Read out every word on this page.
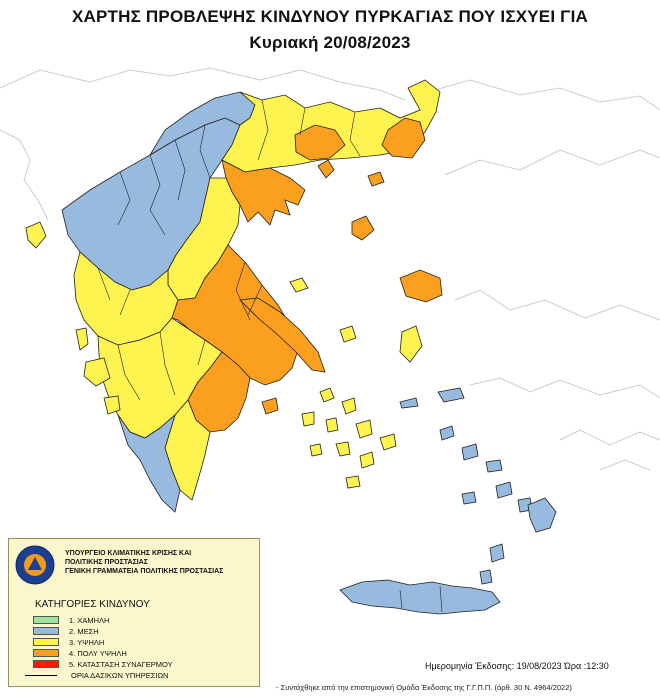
ΧΑΡΤΗΣ ΠΡΟΒΛΕΨΗΣ ΚΙΝΔΥΝΟΥ ΠΥΡΚΑΓΙΑΣ ΠΟΥ ΙΣΧΥΕΙ ΓΙΑ
Κυριακή 20/08/2023
ΥΠΟΥΡΓΕΙΟ ΚΛΙΜΑΤΙΚΗΣ ΚΡΙΣΗΣ ΚΑΙ
ΠΟΛΙΤΙΚΗΣ ΠΡΟΣΤΑΣΙΑΣ
ΓΕΝΙΚΗ ΓΡΑΜΜΑΤΕΙΑ ΠΟΛΙΤΙΚΗΣ ΠΡΟΣΤΑΣΙΑΣ
ΚΑΤΗΓΟΡΙΕΣ ΚΙΝΔΥΝΟΥ
1. ΧΑΜΗΛΗ
2. ΜΕΣΗ
3. ΥΨΗΛΗ
4. ΠΟΛΥ ΥΨΗΛΗ
5. ΚΑΤΑΣΤΑΣΗ ΣΥΝΑΓΕΡΜΟΥ
ΟΡΙΑ ΔΑΣΙΚΩΝ ΥΠΗΡΕΣΙΩΝ
Ημερομηνία Έκδοσης: 19/08/2023 Ώρα :12:30
- Συντάχθηκε από την επιστημονική Ομάδα Έκδοσης της Γ.Γ.Π.Π. (άρθ. 30 Ν. 4964/2022)
